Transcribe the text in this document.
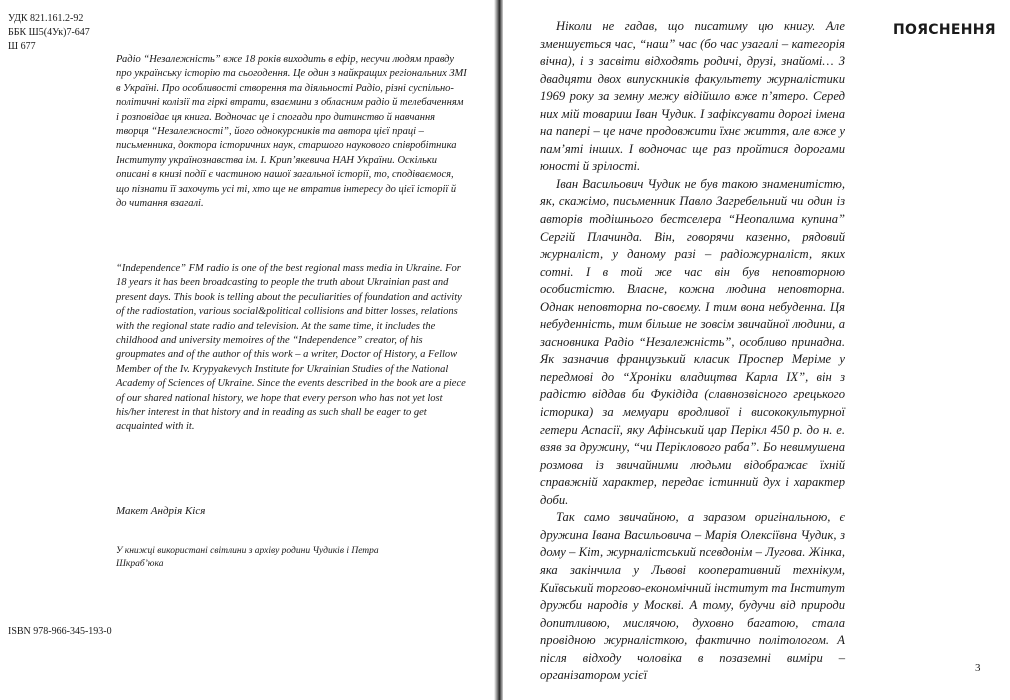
УДК 821.161.2-92
ББК Ш5(4Ук)7-647
Ш 677

Радіо “Незалежність” вже 18 років виходить в ефір, несучи людям правду про українську історію та сьогодення. Це один з найкращих регіональних ЗМІ в Україні. Про особливості створення та діяльності Радіо, різні суспільно-політичні колізії та гіркі втрати, взаємини з обласним радіо й телебаченням і розповідає ця книга. Водночас це і спогади про дитинство й навчання творця “Незалежності”, його однокурсників та автора цієї праці – письменника, доктора історичних наук, старшого наукового співробітника Інституту українознавства ім. І. Крип’якевича НАН України. Оскільки описані в книзі події є частиною нашої загальної історії, то, сподіваємося, що пізнати її захочуть усі ті, хто ще не втратив інтересу до цієї історії й до читання взагалі.

“Independence” FM radio is one of the best regional mass media in Ukraine. For 18 years it has been broadcasting to people the truth about Ukrainian past and present days. This book is telling about the peculiarities of foundation and activity of the radiostation, various social&political collisions and bitter losses, relations with the regional state radio and television. At the same time, it includes the childhood and university memoires of the “Independence” creator, of his groupmates and of the author of this work – a writer, Doctor of History, a Fellow Member of the Iv. Krypyakevych Institute for Ukrainian Studies of the National Academy of Sciences of Ukraine. Since the events described in the book are a piece of our shared national history, we hope that every person who has not yet lost his/her interest in that history and in reading as such shall be eager to get acquainted with it.

Макет Андрія Кіся
У книжці використані світлини з архіву родини Чудиків і Петра Шкраб’юка
ISBN 978-966-345-193-0

Ніколи не гадав, що писатиму цю книгу. Але зменшується час, “наш” час (бо час узагалі – категорія вічна), і з засвіти відходять родичі, друзі, знайомі… З двадцяти двох випускників факультету журналістики 1969 року за земну межу відійшло вже п’ятеро. Серед них мій товариш Іван Чудик. І зафіксувати дорогі імена на папері – це наче продовжити їхнє життя, але вже у пам’яті інших. І водночас ще раз пройтися дорогами юності й зрілості.

Іван Васильович Чудик не був такою знаменитістю, як, скажімо, письменник Павло Загребельний чи один із авторів тодішнього бестселера “Неопалима купина” Сергій Плачинда. Він, говорячи казенно, рядовий журналіст, у даному разі – радіожурналіст, яких сотні. І в той же час він був неповторною особистістю. Власне, кожна людина неповторна. Однак неповторна по-своєму. І тим вона небуденна. Ця небуденність, тим більше не зовсім звичайної людини, а засновника Радіо “Незалежність”, особливо принадна. Як зазначив французький класик Проспер Меріме у передмові до “Хроніки владицтва Карла IX”, він з радістю віддав би Фукідіда (славнозвісного грецького історика) за мемуари вродливої і висококультурної гетери Аспасії, яку Афінський цар Перікл 450 р. до н. е. взяв за дружину, “чи Періклового раба”. Бо невимушена розмова із звичайними людьми відображає їхній справжній характер, передає істинний дух і характер доби.

Так само звичайною, а заразом оригінальною, є дружина Івана Васильовича – Марія Олексіївна Чудик, з дому – Кіт, журналістський псевдонім – Лугова. Жінка, яка закінчила у Львові кооперативний технікум, Київський торгово-економічний інститут та Інститут дружби народів у Москві. А тому, будучи від природи допитливою, мислячою, духовно багатою, стала провідною журналісткою, фактично політологом. А після відходу чоловіка в позаземні виміри – організатором усієї

ПОЯСНЕННЯ
3
